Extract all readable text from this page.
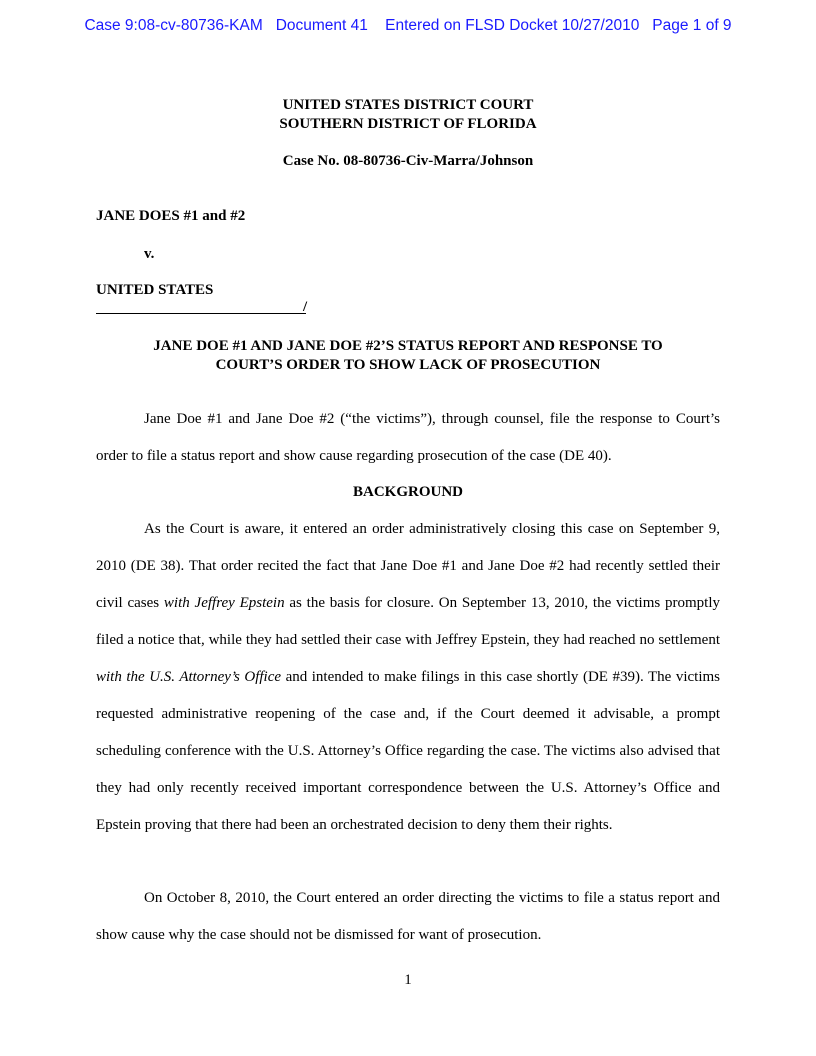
Case 9:08-cv-80736-KAM Document 41 Entered on FLSD Docket 10/27/2010 Page 1 of 9
UNITED STATES DISTRICT COURT
SOUTHERN DISTRICT OF FLORIDA
Case No. 08-80736-Civ-Marra/Johnson
JANE DOES #1 and #2
v.
UNITED STATES
/
JANE DOE #1 AND JANE DOE #2’S STATUS REPORT AND RESPONSE TO
COURT’S ORDER TO SHOW LACK OF PROSECUTION

Jane Doe #1 and Jane Doe #2 (“the victims”), through counsel, file the response to Court’s order to file a status report and show cause regarding prosecution of the case (DE 40).

BACKGROUND

As the Court is aware, it entered an order administratively closing this case on September 9, 2010 (DE 38). That order recited the fact that Jane Doe #1 and Jane Doe #2 had recently settled their civil cases with Jeffrey Epstein as the basis for closure. On September 13, 2010, the victims promptly filed a notice that, while they had settled their case with Jeffrey Epstein, they had reached no settlement with the U.S. Attorney’s Office and intended to make filings in this case shortly (DE #39). The victims requested administrative reopening of the case and, if the Court deemed it advisable, a prompt scheduling conference with the U.S. Attorney’s Office regarding the case. The victims also advised that they had only recently received important correspondence between the U.S. Attorney’s Office and Epstein proving that there had been an orchestrated decision to deny them their rights.

On October 8, 2010, the Court entered an order directing the victims to file a status report and show cause why the case should not be dismissed for want of prosecution.

1
